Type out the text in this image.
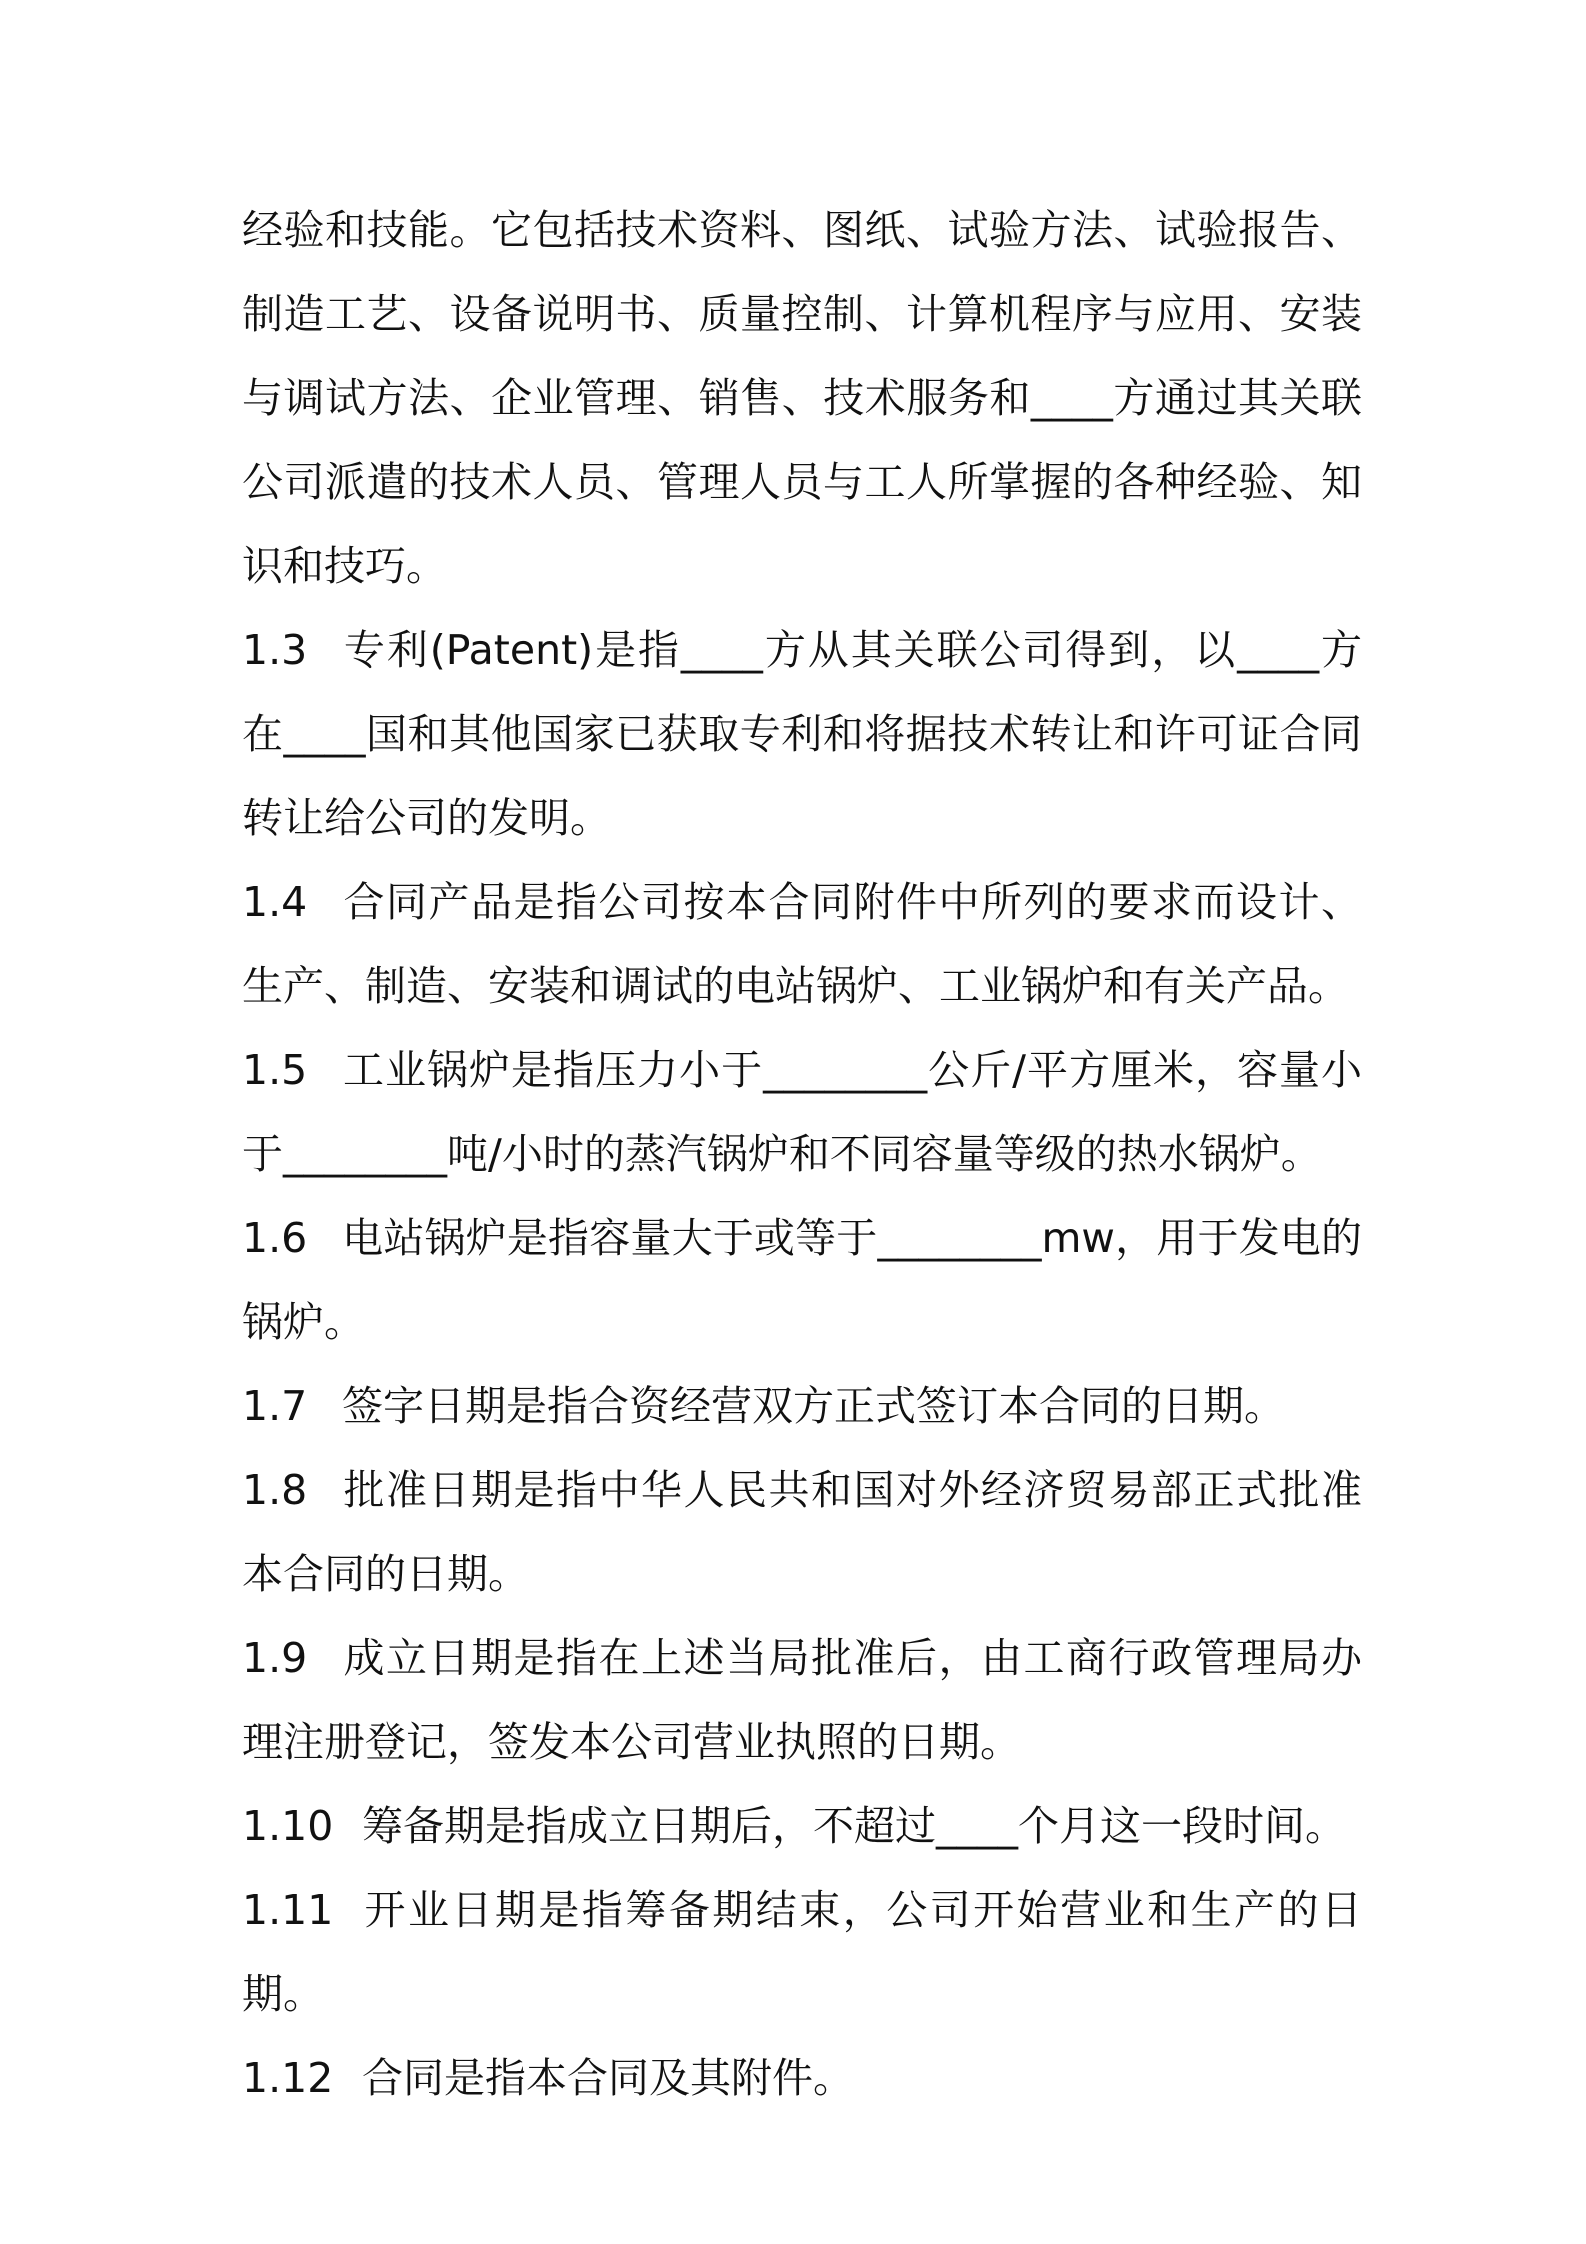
经验和技能。它包括技术资料、图纸、试验方法、试验报告、制造工艺、设备说明书、质量控制、计算机程序与应用、安装与调试方法、企业管理、销售、技术服务和____方通过其关联公司派遣的技术人员、管理人员与工人所掌握的各种经验、知识和技巧。

1.3 专利(Patent)是指____方从其关联公司得到，以____方在____国和其他国家已获取专利和将据技术转让和许可证合同转让给公司的发明。

1.4 合同产品是指公司按本合同附件中所列的要求而设计、生产、制造、安装和调试的电站锅炉、工业锅炉和有关产品。

1.5 工业锅炉是指压力小于________公斤/平方厘米，容量小于________吨/小时的蒸汽锅炉和不同容量等级的热水锅炉。

1.6 电站锅炉是指容量大于或等于________mw，用于发电的锅炉。

1.7 签字日期是指合资经营双方正式签订本合同的日期。

1.8 批准日期是指中华人民共和国对外经济贸易部正式批准本合同的日期。

1.9 成立日期是指在上述当局批准后，由工商行政管理局办理注册登记，签发本公司营业执照的日期。

1.10 筹备期是指成立日期后，不超过____个月这一段时间。

1.11 开业日期是指筹备期结束，公司开始营业和生产的日期。

1.12 合同是指本合同及其附件。
